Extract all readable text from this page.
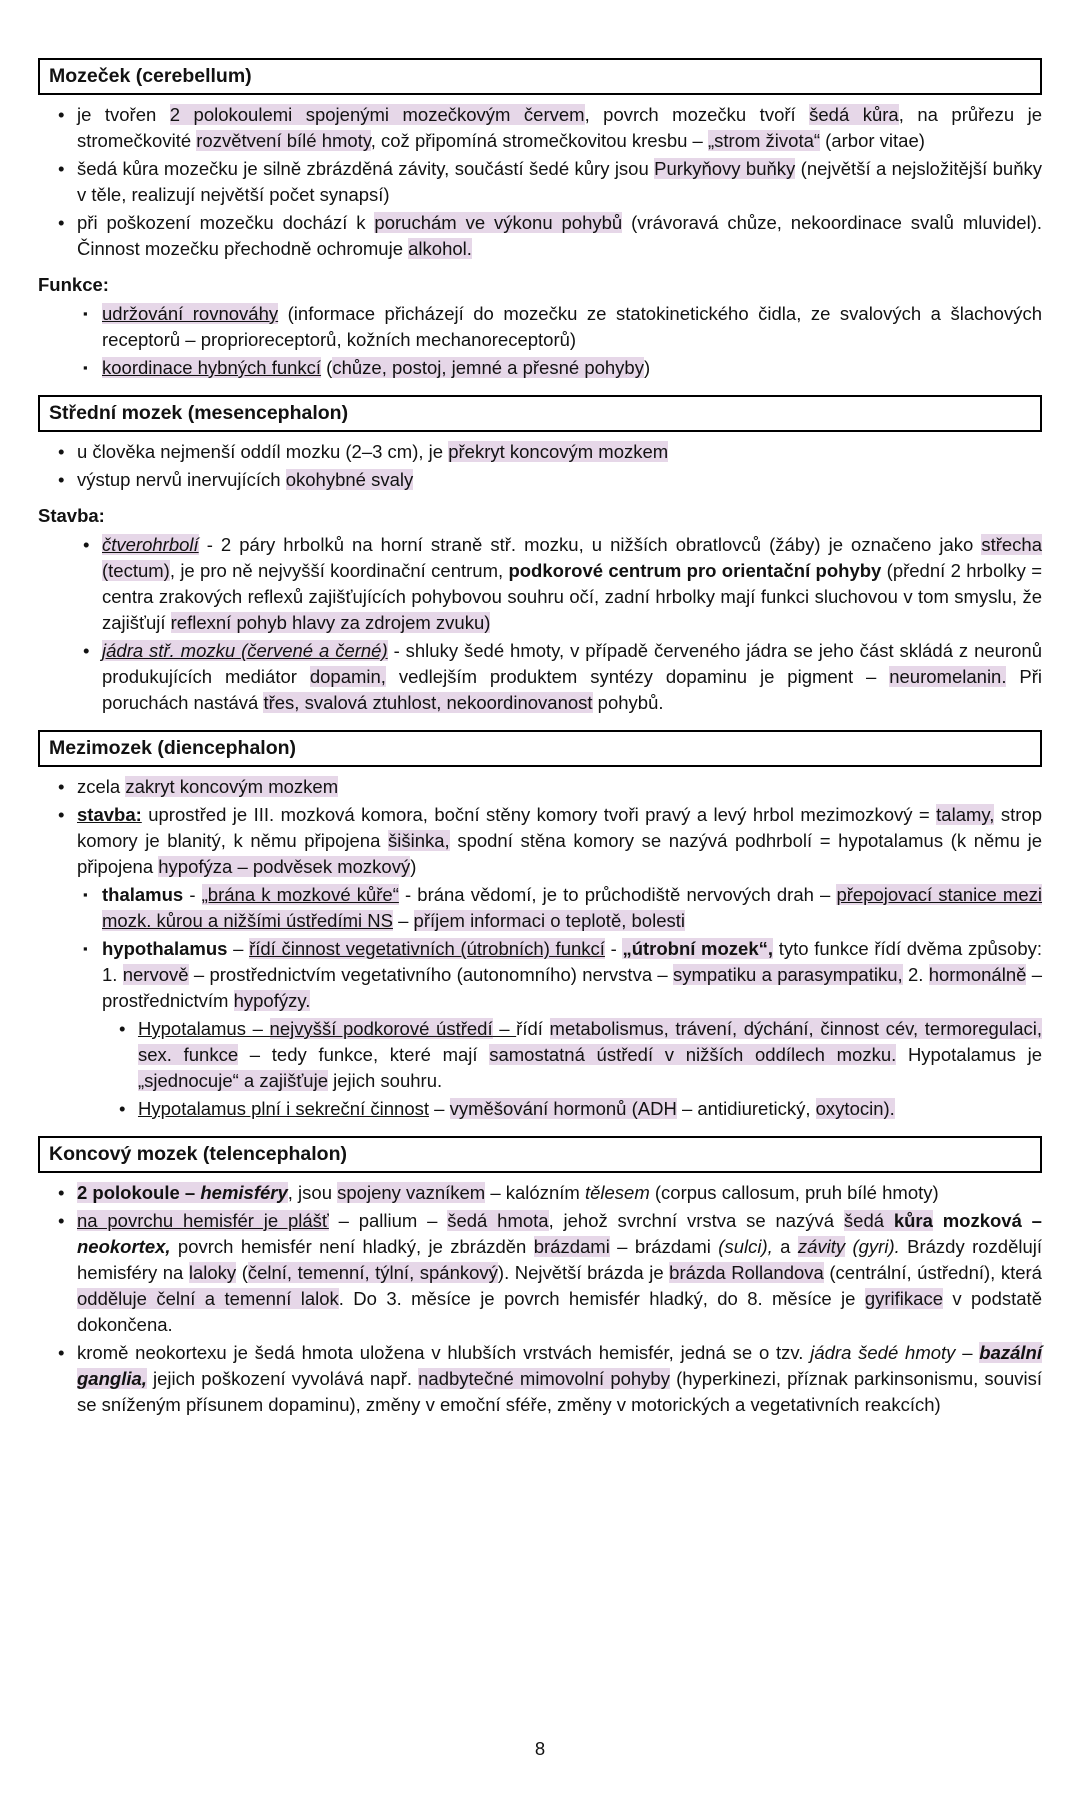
Mozeček (cerebellum)
• je tvořen 2 polokoulemi spojenými mozečkovým červem, povrch mozečku tvoří šedá kůra, na průřezu je stromečkovité rozvětvení bílé hmoty, což připomíná stromečkovitou kresbu – „strom života“ (arbor vitae)
• šedá kůra mozečku je silně zbrázděná závity, součástí šedé kůry jsou Purkyňovy buňky (největší a nejsložitější buňky v těle, realizují největší počet synapsí)
• při poškození mozečku dochází k poruchám ve výkonu pohybů (vrávoravá chůze, nekoordinace svalů mluvidel). Činnost mozečku přechodně ochromuje alkohol.

Funkce:

▪ udržování rovnováhy (informace přicházejí do mozečku ze statokinetického čidla, ze svalových a šlachových receptorů – proprioreceptorů, kožních mechanoreceptorů)
▪ koordinace hybných funkcí (chůze, postoj, jemné a přesné pohyby)
Střední mozek (mesencephalon)
• u člověka nejmenší oddíl mozku (2–3 cm), je překryt koncovým mozkem
• výstup nervů inervujících okohybné svaly

Stavba:

• čtverohrbolí - 2 páry hrbolků na horní straně stř. mozku, u nižších obratlovců (žáby) je označeno jako střecha (tectum), je pro ně nejvyšší koordinační centrum, podkorové centrum pro orientační pohyby (přední 2 hrbolky = centra zrakových reflexů zajišťujících pohybovou souhru očí, zadní hrbolky mají funkci sluchovou v tom smyslu, že zajišťují reflexní pohyb hlavy za zdrojem zvuku)
• jádra stř. mozku (červené a černé) - shluky šedé hmoty, v případě červeného jádra se jeho část skládá z neuronů produkujících mediátor dopamin, vedlejším produktem syntézy dopaminu je pigment – neuromelanin. Při poruchách nastává třes, svalová ztuhlost, nekoordinovanost pohybů.
Mezimozek (diencephalon)
• zcela zakryt koncovým mozkem
• stavba: uprostřed je III. mozková komora, boční stěny komory tvoři pravý a levý hrbol mezimozkový = talamy, strop komory je blanitý, k němu připojena šišinka, spodní stěna komory se nazývá podhrbolí = hypotalamus (k němu je připojena hypofýza – podvěsek mozkový)
▪ thalamus - „brána k mozkové kůře“ - brána vědomí, je to průchodiště nervových drah – přepojovací stanice mezi mozk. kůrou a nižšími ústředími NS – příjem informaci o teplotě, bolesti
▪ hypothalamus – řídí činnost vegetativních (útrobních) funkcí - „útrobní mozek“, tyto funkce řídí dvěma způsoby: 1. nervově – prostřednictvím vegetativního (autonomního) nervstva – sympatiku a parasympatiku, 2. hormonálně – prostřednictvím hypofýzy.
• Hypotalamus – nejvyšší podkorové ústředí – řídí metabolismus, trávení, dýchání, činnost cév, termoregulaci, sex. funkce – tedy funkce, které mají samostatná ústředí v nižších oddílech mozku. Hypotalamus je „sjednocuje“ a zajišťuje jejich souhru.
• Hypotalamus plní i sekreční činnost – vyměšování hormonů (ADH – antidiuretický, oxytocin).
Koncový mozek (telencephalon)
• 2 polokoule – hemisféry, jsou spojeny vazníkem – kalózním tělesem (corpus callosum, pruh bílé hmoty)
• na povrchu hemisfér je plášť – pallium – šedá hmota, jehož svrchní vrstva se nazývá šedá kůra mozková – neokortex, povrch hemisfér není hladký, je zbrázděn brázdami – brázdami (sulci), a závity (gyri). Brázdy rozdělují hemisféry na laloky (čelní, temenní, týlní, spánkový). Největší brázda je brázda Rollandova (centrální, ústřední), která odděluje čelní a temenní lalok. Do 3. měsíce je povrch hemisfér hladký, do 8. měsíce je gyrifikace v podstatě dokončena.
• kromě neokortexu je šedá hmota uložena v hlubších vrstvách hemisfér, jedná se o tzv. jádra šedé hmoty – bazální ganglia, jejich poškození vyvolává např. nadbytečné mimovolní pohyby (hyperkinezi, příznak parkinsonismu, souvisí se sníženým přísunem dopaminu), změny v emoční sféře, změny v motorických a vegetativních reakcích)
8
